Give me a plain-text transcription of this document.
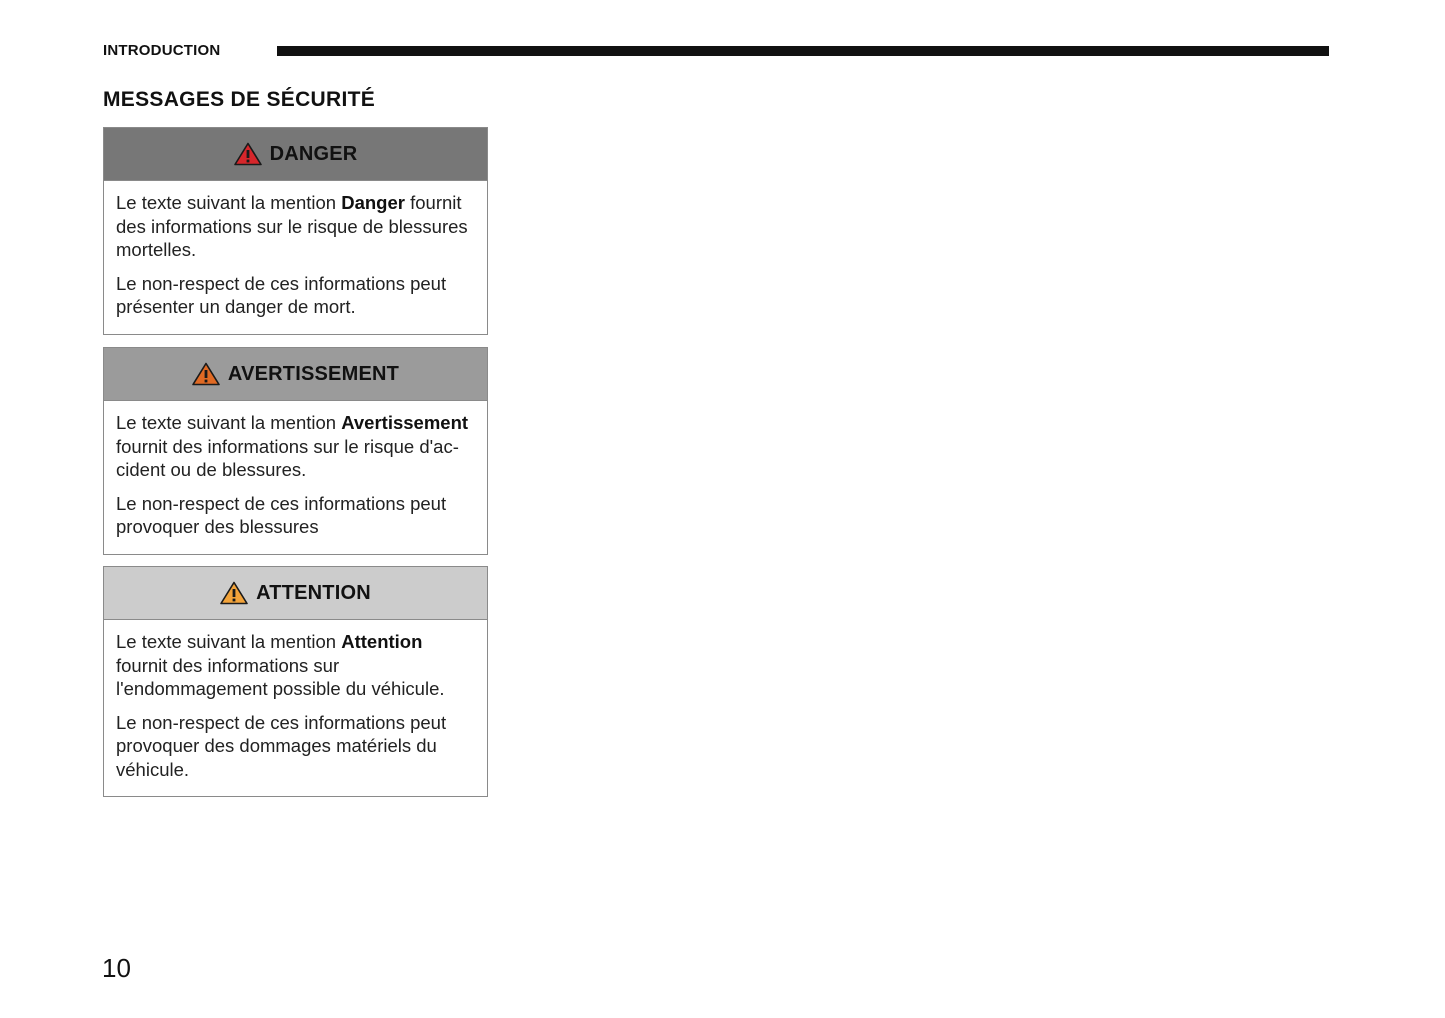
INTRODUCTION
MESSAGES DE SÉCURITÉ
DANGER

Le texte suivant la mention Danger fournit des informations sur le risque de blessures mortelles.

Le non-respect de ces informations peut présenter un danger de mort.

AVERTISSEMENT

Le texte suivant la mention Avertissement fournit des informations sur le risque d'ac-cident ou de blessures.

Le non-respect de ces informations peut provoquer des blessures

ATTENTION

Le texte suivant la mention Attention fournit des informations sur l'endommagement possible du véhicule.

Le non-respect de ces informations peut provoquer des dommages matériels du véhicule.

10
